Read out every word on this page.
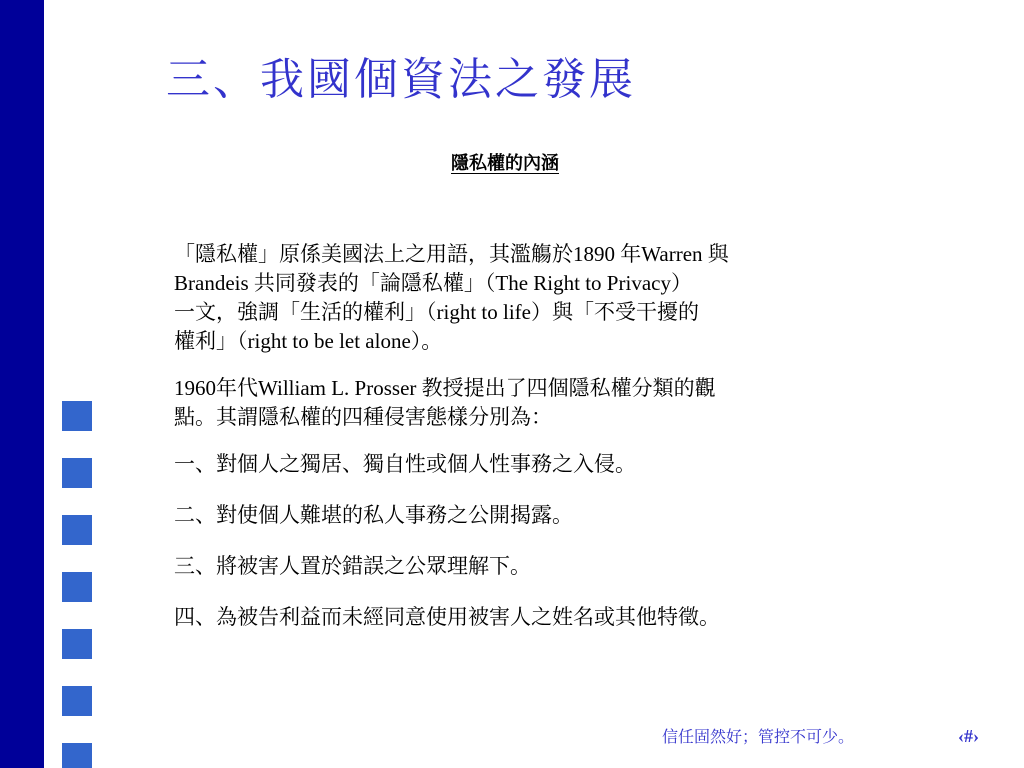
三、我國個資法之發展

隱私權的內涵

「隱私權」原係美國法上之用語，其濫觴於1890 年Warren 與
Brandeis 共同發表的「論隱私權」（The Right to Privacy）
一文，強調「生活的權利」（right to life）與「不受干擾的
權利」（right to be let alone）。

1960年代William L. Prosser 教授提出了四個隱私權分類的觀
點。其謂隱私權的四種侵害態樣分別為：

一、對個人之獨居、獨自性或個人性事務之入侵。

二、對使個人難堪的私人事務之公開揭露。

三、將被害人置於錯誤之公眾理解下。

四、為被告利益而未經同意使用被害人之姓名或其他特徵。

信任固然好；管控不可少。	‹#›
